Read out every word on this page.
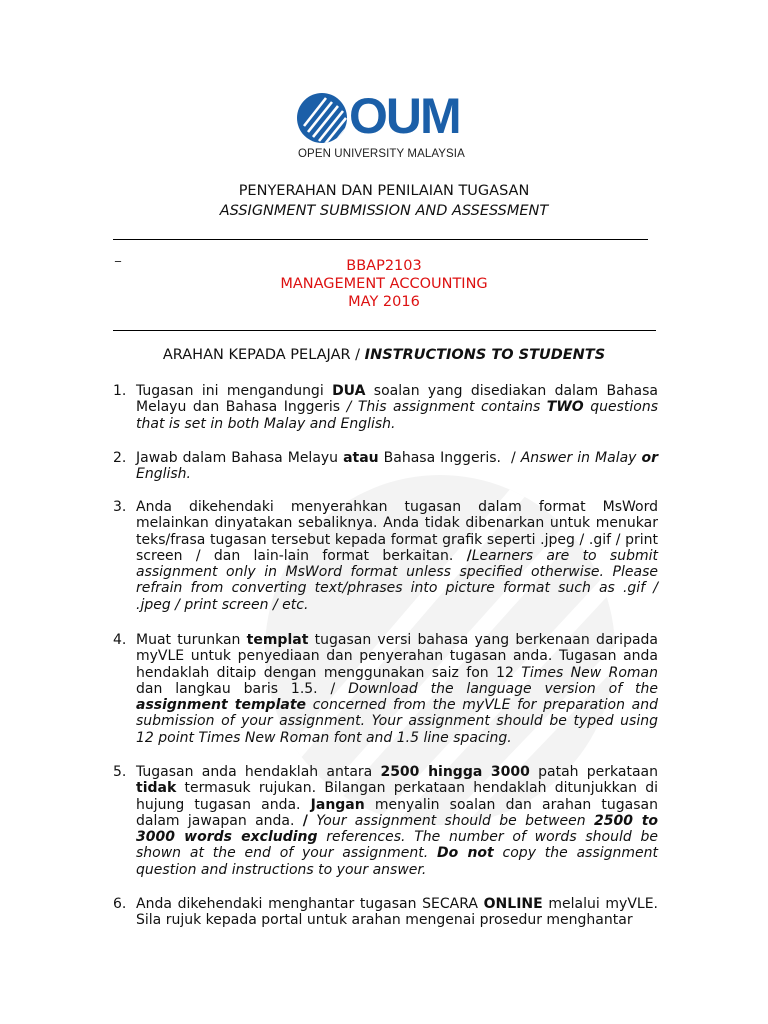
OUM
OPEN UNIVERSITY MALAYSIA
PENYERAHAN DAN PENILAIAN TUGASAN
ASSIGNMENT SUBMISSION AND ASSESSMENT
_
BBAP2103
MANAGEMENT ACCOUNTING
MAY 2016
ARAHAN KEPADA PELAJAR / INSTRUCTIONS TO STUDENTS
1. Tugasan ini mengandungi DUA soalan yang disediakan dalam Bahasa Melayu dan Bahasa Inggeris / This assignment contains TWO questions that is set in both Malay and English.
2. Jawab dalam Bahasa Melayu atau Bahasa Inggeris.  / Answer in Malay or English.
3. Anda dikehendaki menyerahkan tugasan dalam format MsWord melainkan dinyatakan sebaliknya. Anda tidak dibenarkan untuk menukar teks/frasa tugasan tersebut kepada format grafik seperti .jpeg / .gif / print screen / dan lain-lain format berkaitan. /Learners are to submit assignment only in MsWord format unless specified otherwise. Please refrain from converting text/phrases into picture format such as .gif / .jpeg / print screen / etc.
4. Muat turunkan templat tugasan versi bahasa yang berkenaan daripada myVLE untuk penyediaan dan penyerahan tugasan anda. Tugasan anda hendaklah ditaip dengan menggunakan saiz fon 12 Times New Roman dan langkau baris 1.5. / Download the language version of the assignment template concerned from the myVLE for preparation and submission of your assignment. Your assignment should be typed using 12 point Times New Roman font and 1.5 line spacing.
5. Tugasan anda hendaklah antara 2500 hingga 3000 patah perkataan tidak termasuk rujukan. Bilangan perkataan hendaklah ditunjukkan di hujung tugasan anda. Jangan menyalin soalan dan arahan tugasan dalam jawapan anda. / Your assignment should be between 2500 to 3000 words excluding references. The number of words should be shown at the end of your assignment. Do not copy the assignment question and instructions to your answer.
6. Anda dikehendaki menghantar tugasan SECARA ONLINE melalui myVLE. Sila rujuk kepada portal untuk arahan mengenai prosedur menghantar
